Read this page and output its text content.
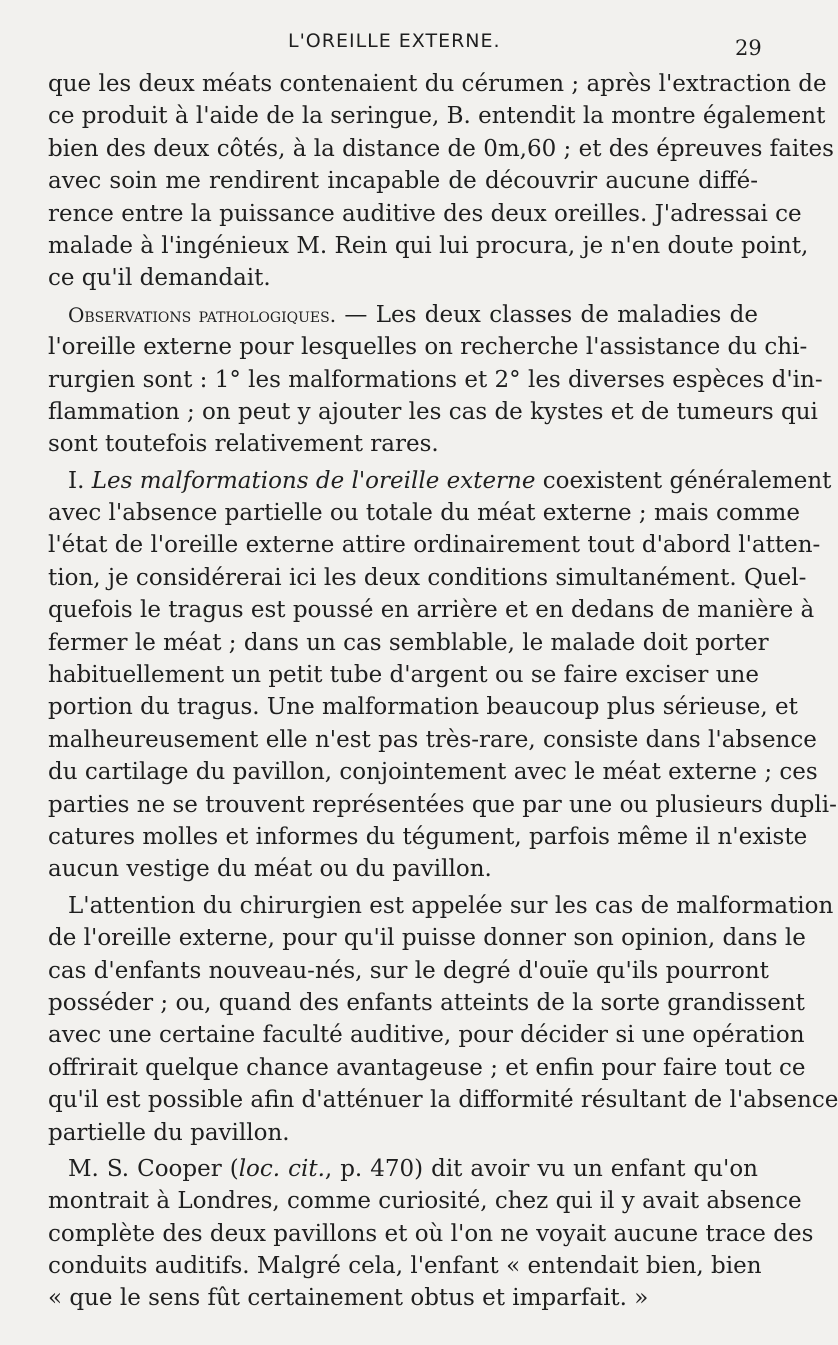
L'OREILLE EXTERNE.	29
que les deux méats contenaient du cérumen ; après l'extraction de
ce produit à l'aide de la seringue, B. entendit la montre également
bien des deux côtés, à la distance de 0m,60 ; et des épreuves faites
avec soin me rendirent incapable de découvrir aucune diffé-
rence entre la puissance auditive des deux oreilles. J'adressai ce
malade à l'ingénieux M. Rein qui lui procura, je n'en doute point,
ce qu'il demandait.
Observations pathologiques. — Les deux classes de maladies de
l'oreille externe pour lesquelles on recherche l'assistance du chi-
rurgien sont : 1° les malformations et 2° les diverses espèces d'in-
flammation ; on peut y ajouter les cas de kystes et de tumeurs qui
sont toutefois relativement rares.
I. Les malformations de l'oreille externe coexistent généralement
avec l'absence partielle ou totale du méat externe ; mais comme
l'état de l'oreille externe attire ordinairement tout d'abord l'atten-
tion, je considérerai ici les deux conditions simultanément. Quel-
quefois le tragus est poussé en arrière et en dedans de manière à
fermer le méat ; dans un cas semblable, le malade doit porter
habituellement un petit tube d'argent ou se faire exciser une
portion du tragus. Une malformation beaucoup plus sérieuse, et
malheureusement elle n'est pas très-rare, consiste dans l'absence
du cartilage du pavillon, conjointement avec le méat externe ; ces
parties ne se trouvent représentées que par une ou plusieurs dupli-
catures molles et informes du tégument, parfois même il n'existe
aucun vestige du méat ou du pavillon.
L'attention du chirurgien est appelée sur les cas de malformation
de l'oreille externe, pour qu'il puisse donner son opinion, dans le
cas d'enfants nouveau-nés, sur le degré d'ouïe qu'ils pourront
posséder ; ou, quand des enfants atteints de la sorte grandissent
avec une certaine faculté auditive, pour décider si une opération
offrirait quelque chance avantageuse ; et enfin pour faire tout ce
qu'il est possible afin d'atténuer la difformité résultant de l'absence
partielle du pavillon.
M. S. Cooper (loc. cit., p. 470) dit avoir vu un enfant qu'on
montrait à Londres, comme curiosité, chez qui il y avait absence
complète des deux pavillons et où l'on ne voyait aucune trace des
conduits auditifs. Malgré cela, l'enfant « entendait bien, bien
« que le sens fût certainement obtus et imparfait. »
